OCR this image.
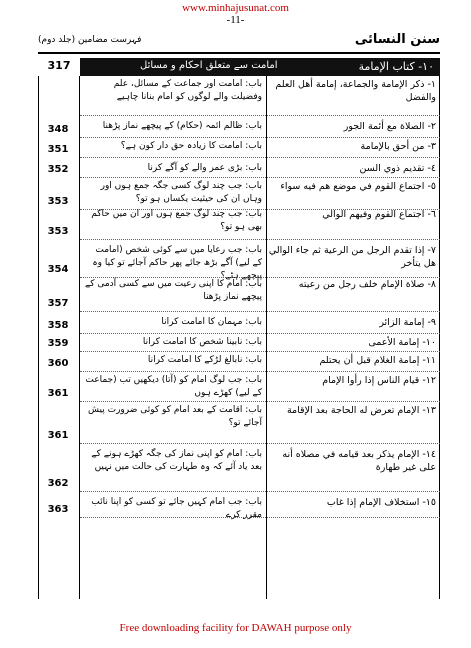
www.minhajusunat.com
-11-
سنن النسائی
فہرست مضامین (جلد دوم)
317	١٠- كتاب الإمامة
امامت سے متعلق احکام و مسائل
١- ذكر الإمامة والجماعة، إمامة أهل العلم والفضل
باب: امامت اور جماعت کے مسائل، علم وفضیلت والے لوگوں کو امام بنانا چاہیے
348	٢- الصلاة مع أئمة الجور
باب: ظالم ائمہ (حکام) کے پیچھے نماز پڑھنا
351	٣- من أحق بالإمامة
باب: امامت کا زیادہ حق دار کون ہے؟
352	٤- تقديم ذوي السن
باب: بڑی عمر والے کو آگے کرنا
353
٥- اجتماع القوم في موضع هم فيه سواء
باب: جب چند لوگ کسی جگہ جمع ہوں اور وہاں ان کی حیثیت یکساں ہو تو؟
353
٦- اجتماع القوم وفيهم الوالي
باب: جب چند لوگ جمع ہوں اور ان میں حاکم بھی ہو تو؟
354
٧- إذا تقدم الرجل من الرعية ثم جاء الوالي هل يتأخر
باب: جب رعایا میں سے کوئی شخص (امامت کے لیے) آگے بڑھ جائے پھر حاکم آجائے تو کیا وہ پیچھے ہٹے؟
357
٨- صلاة الإمام خلف رجل من رعيته
باب: امام کا اپنی رعیت میں سے کسی آدمی کے پیچھے نماز پڑھنا
358	٩- إمامة الزائر
باب: مہمان کا امامت کرانا
359	١٠- إمامة الأعمى
باب: نابینا شخص کا امامت کرانا
360	١١- إمامة الغلام قبل أن يحتلم
باب: نابالغ لڑکے کا امامت کرانا
361
١٢- قيام الناس إذا رأوا الإمام
باب: جب لوگ امام کو (آتا) دیکھیں تب (جماعت کے لیے) کھڑے ہوں
361
١٣- الإمام تعرض له الحاجة بعد الإقامة
باب: اقامت کے بعد امام کو کوئی ضرورت پیش آجائے تو؟
362
١٤- الإمام يذكر بعد قيامه في مصلاه أنه على غير طهارة
باب: امام کو اپنی نماز کی جگہ کھڑے ہونے کے بعد یاد آئے کہ وہ طہارت کی حالت میں نہیں
363
١٥- استخلاف الإمام إذا غاب
باب: جب امام کہیں جائے تو کسی کو اپنا نائب مقرر کرے
Free downloading facility for DAWAH purpose only
